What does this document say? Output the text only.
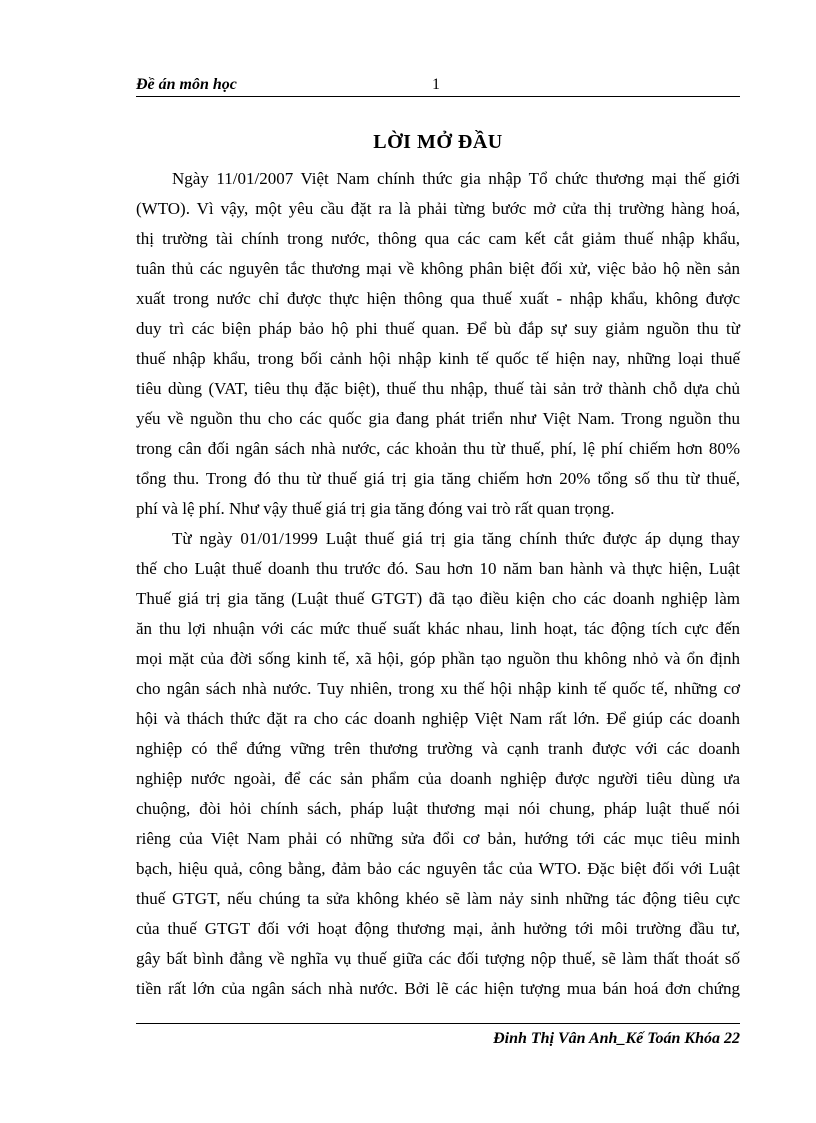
Đề án môn học	1
LỜI MỞ ĐẦU
Ngày 11/01/2007 Việt Nam chính thức gia nhập Tổ chức thương mại thế giới
(WTO). Vì vậy, một yêu cầu đặt ra là phải từng bước mở cửa thị trường hàng hoá,
thị trường tài chính trong nước, thông qua các cam kết cắt giảm thuế nhập khẩu,
tuân thủ các nguyên tắc thương mại về không phân biệt đối xử, việc bảo hộ nền sản
xuất trong nước chỉ được thực hiện thông qua thuế xuất - nhập khẩu, không được
duy trì các biện pháp bảo hộ phi thuế quan. Để bù đắp sự suy giảm nguồn thu từ
thuế nhập khẩu, trong bối cảnh hội nhập kinh tế quốc tế hiện nay, những loại thuế
tiêu dùng (VAT, tiêu thụ đặc biệt), thuế thu nhập, thuế tài sản trở thành chỗ dựa chủ
yếu về nguồn thu cho các quốc gia đang phát triển như Việt Nam. Trong nguồn thu
trong cân đối ngân sách nhà nước, các khoản thu từ thuế, phí, lệ phí chiếm hơn 80%
tổng thu. Trong đó thu từ thuế giá trị gia tăng chiếm hơn 20% tổng số thu từ thuế,
phí và lệ phí. Như vậy thuế giá trị gia tăng đóng vai trò rất quan trọng.
Từ ngày 01/01/1999 Luật thuế giá trị gia tăng chính thức được áp dụng thay
thế cho Luật thuế doanh thu trước đó. Sau hơn 10 năm ban hành và thực hiện, Luật
Thuế giá trị gia tăng (Luật thuế GTGT) đã tạo điều kiện cho các doanh nghiệp làm
ăn thu lợi nhuận với các mức thuế suất khác nhau, linh hoạt, tác động tích cực đến
mọi mặt của đời sống kinh tế, xã hội, góp phần tạo nguồn thu không nhỏ và ổn định
cho ngân sách nhà nước. Tuy nhiên, trong xu thế hội nhập kinh tế quốc tế, những cơ
hội và thách thức đặt ra cho các doanh nghiệp Việt Nam rất lớn. Để giúp các doanh
nghiệp có thể đứng vững trên thương trường và cạnh tranh được với các doanh
nghiệp nước ngoài, để các sản phẩm của doanh nghiệp được người tiêu dùng ưa
chuộng, đòi hỏi chính sách, pháp luật thương mại nói chung, pháp luật thuế nói
riêng của Việt Nam phải có những sửa đổi cơ bản, hướng tới các mục tiêu minh
bạch, hiệu quả, công bằng, đảm bảo các nguyên tắc của WTO. Đặc biệt đối với Luật
thuế GTGT, nếu chúng ta sửa không khéo sẽ làm nảy sinh những tác động tiêu cực
của thuế GTGT đối với hoạt động thương mại, ảnh hưởng tới môi trường đầu tư,
gây bất bình đẳng về nghĩa vụ thuế giữa các đối tượng nộp thuế, sẽ làm thất thoát số
tiền rất lớn của ngân sách nhà nước. Bởi lẽ các hiện tượng mua bán hoá đơn chứng
Đinh Thị Vân Anh_Kế Toán Khóa 22
